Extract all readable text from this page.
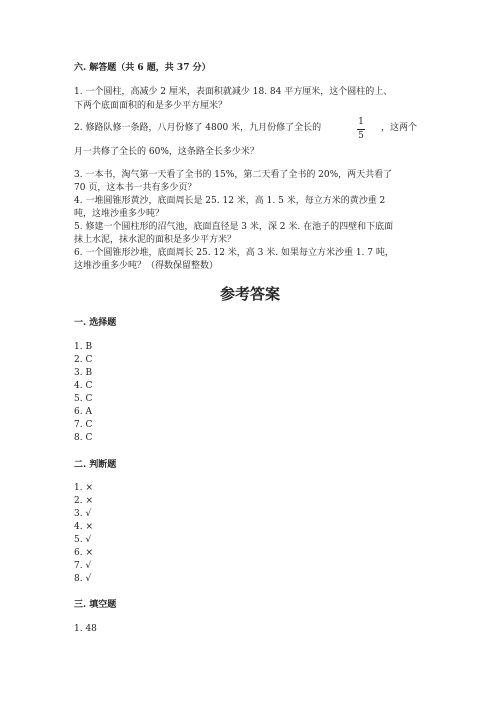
六. 解答题（共 6 题，共 37 分）
1. 一个圆柱，高减少 2 厘米，表面积就减少 18. 84 平方厘米，这个圆柱的上、
下两个底面面积的和是多少平方厘米？
2. 修路队修一条路，八月份修了 4800 米，九月份修了全长的
1
5
，这两个
月一共修了全长的 60%，这条路全长多少米？
3. 一本书，淘气第一天看了全书的 15%，第二天看了全书的 20%，两天共看了
70 页，这本书一共有多少页？
4. 一堆圆锥形黄沙，底面周长是 25. 12 米，高 1. 5 米，每立方米的黄沙重 2
吨，这堆沙重多少吨？
5. 修建一个圆柱形的沼气池，底面直径是 3 米，深 2 米. 在池子的四壁和下底面
抹上水泥，抹水泥的面积是多少平方米？
6. 一个圆锥形沙堆，底面周长 25. 12 米，高 3 米. 如果每立方米沙重 1. 7 吨，
这堆沙重多少吨？（得数保留整数）
参考答案
一. 选择题
1. B
2. C
3. B
4. C
5. C
6. A
7. C
8. C
二. 判断题
1. ×
2. ×
3. √
4. ×
5. √
6. ×
7. √
8. √
三. 填空题
1. 48
